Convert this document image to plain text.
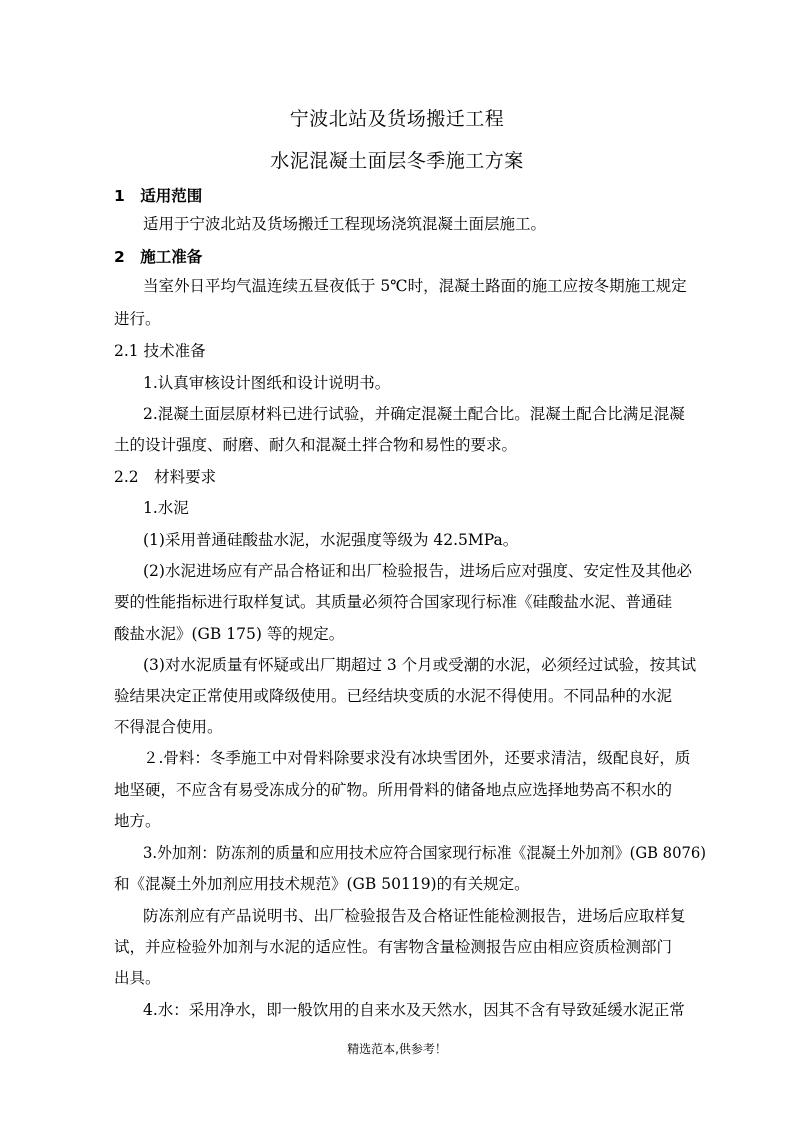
宁波北站及货场搬迁工程
水泥混凝土面层冬季施工方案
1　适用范围
适用于宁波北站及货场搬迁工程现场浇筑混凝土面层施工。
2　施工准备
当室外日平均气温连续五昼夜低于 5℃时，混凝土路面的施工应按冬期施工规定
进行。
2.1 技术准备
1.认真审核设计图纸和设计说明书。
2.混凝土面层原材料已进行试验，并确定混凝土配合比。混凝土配合比满足混凝
土的设计强度、耐磨、耐久和混凝土拌合物和易性的要求。
2.2　材料要求
1.水泥
(1)采用普通硅酸盐水泥，水泥强度等级为 42.5MPa。
(2)水泥进场应有产品合格证和出厂检验报告，进场后应对强度、安定性及其他必
要的性能指标进行取样复试。其质量必须符合国家现行标准《硅酸盐水泥、普通硅
酸盐水泥》(GB 175) 等的规定。
(3)对水泥质量有怀疑或出厂期超过 3 个月或受潮的水泥，必须经过试验，按其试
验结果决定正常使用或降级使用。已经结块变质的水泥不得使用。不同品种的水泥
不得混合使用。
２.骨料：冬季施工中对骨料除要求没有冰块雪团外，还要求清洁，级配良好，质
地坚硬，不应含有易受冻成分的矿物。所用骨料的储备地点应选择地势高不积水的
地方。
3.外加剂：防冻剂的质量和应用技术应符合国家现行标准《混凝土外加剂》(GB 8076)
和《混凝土外加剂应用技术规范》(GB 50119)的有关规定。
防冻剂应有产品说明书、出厂检验报告及合格证性能检测报告，进场后应取样复
试，并应检验外加剂与水泥的适应性。有害物含量检测报告应由相应资质检测部门
出具。
4.水：采用净水，即一般饮用的自来水及天然水，因其不含有导致延缓水泥正常
精选范本,供参考！
